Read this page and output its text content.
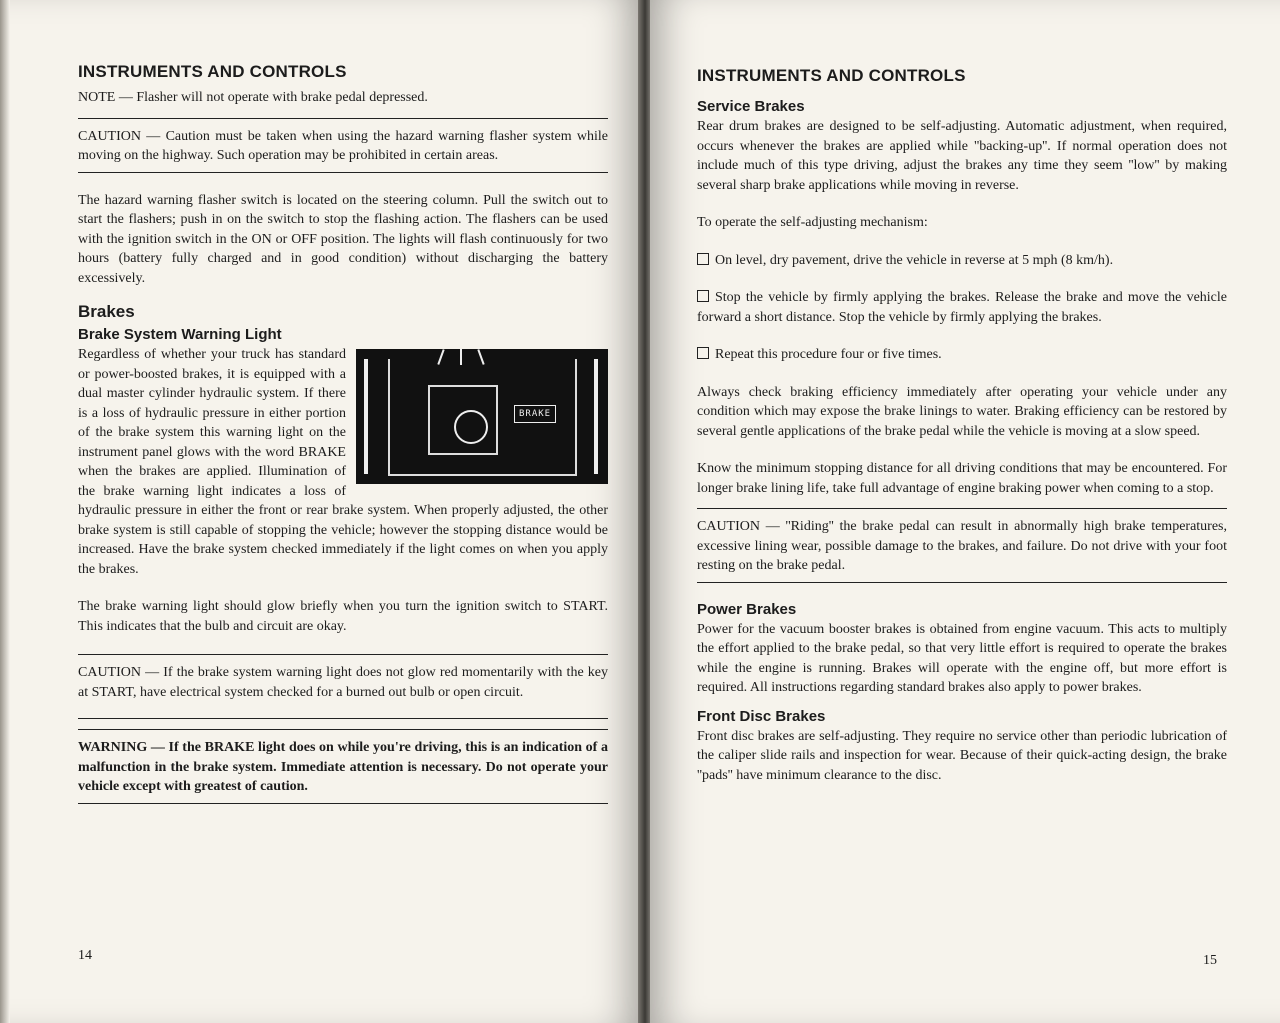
INSTRUMENTS AND CONTROLS

NOTE — Flasher will not operate with brake pedal depressed.

CAUTION — Caution must be taken when using the hazard warning flasher system while moving on the highway. Such operation may be prohibited in certain areas.

The hazard warning flasher switch is located on the steering column. Pull the switch out to start the flashers; push in on the switch to stop the flashing action. The flashers can be used with the ignition switch in the ON or OFF position. The lights will flash continuously for two hours (battery fully charged and in good condition) without discharging the battery excessively.

Brakes
Brake System Warning Light
BRAKE

Regardless of whether your truck has standard or power-boosted brakes, it is equipped with a dual master cylinder hydraulic system. If there is a loss of hydraulic pressure in either portion of the brake system this warning light on the instrument panel glows with the word BRAKE when the brakes are applied. Illumination of the brake warning light indicates a loss of hydraulic pressure in either the front or rear brake system. When properly adjusted, the other brake system is still capable of stopping the vehicle; however the stopping distance would be increased. Have the brake system checked immediately if the light comes on when you apply the brakes.

The brake warning light should glow briefly when you turn the ignition switch to START. This indicates that the bulb and circuit are okay.

CAUTION — If the brake system warning light does not glow red momentarily with the key at START, have electrical system checked for a burned out bulb or open circuit.

WARNING — If the BRAKE light does on while you're driving, this is an indication of a malfunction in the brake system. Immediate attention is necessary. Do not operate your vehicle except with greatest of caution.

14
INSTRUMENTS AND CONTROLS
Service Brakes

Rear drum brakes are designed to be self-adjusting. Automatic adjustment, when required, occurs whenever the brakes are applied while ''backing-up''. If normal operation does not include much of this type driving, adjust the brakes any time they seem ''low'' by making several sharp brake applications while moving in reverse.

To operate the self-adjusting mechanism:

On level, dry pavement, drive the vehicle in reverse at 5 mph (8 km/h).

Stop the vehicle by firmly applying the brakes. Release the brake and move the vehicle forward a short distance. Stop the vehicle by firmly applying the brakes.

Repeat this procedure four or five times.

Always check braking efficiency immediately after operating your vehicle under any condition which may expose the brake linings to water. Braking efficiency can be restored by several gentle applications of the brake pedal while the vehicle is moving at a slow speed.

Know the minimum stopping distance for all driving conditions that may be encountered. For longer brake lining life, take full advantage of engine braking power when coming to a stop.

CAUTION — ''Riding'' the brake pedal can result in abnormally high brake temperatures, excessive lining wear, possible damage to the brakes, and failure. Do not drive with your foot resting on the brake pedal.

Power Brakes

Power for the vacuum booster brakes is obtained from engine vacuum. This acts to multiply the effort applied to the brake pedal, so that very little effort is required to operate the brakes while the engine is running. Brakes will operate with the engine off, but more effort is required. All instructions regarding standard brakes also apply to power brakes.

Front Disc Brakes

Front disc brakes are self-adjusting. They require no service other than periodic lubrication of the caliper slide rails and inspection for wear. Because of their quick-acting design, the brake ''pads'' have minimum clearance to the disc.

15
